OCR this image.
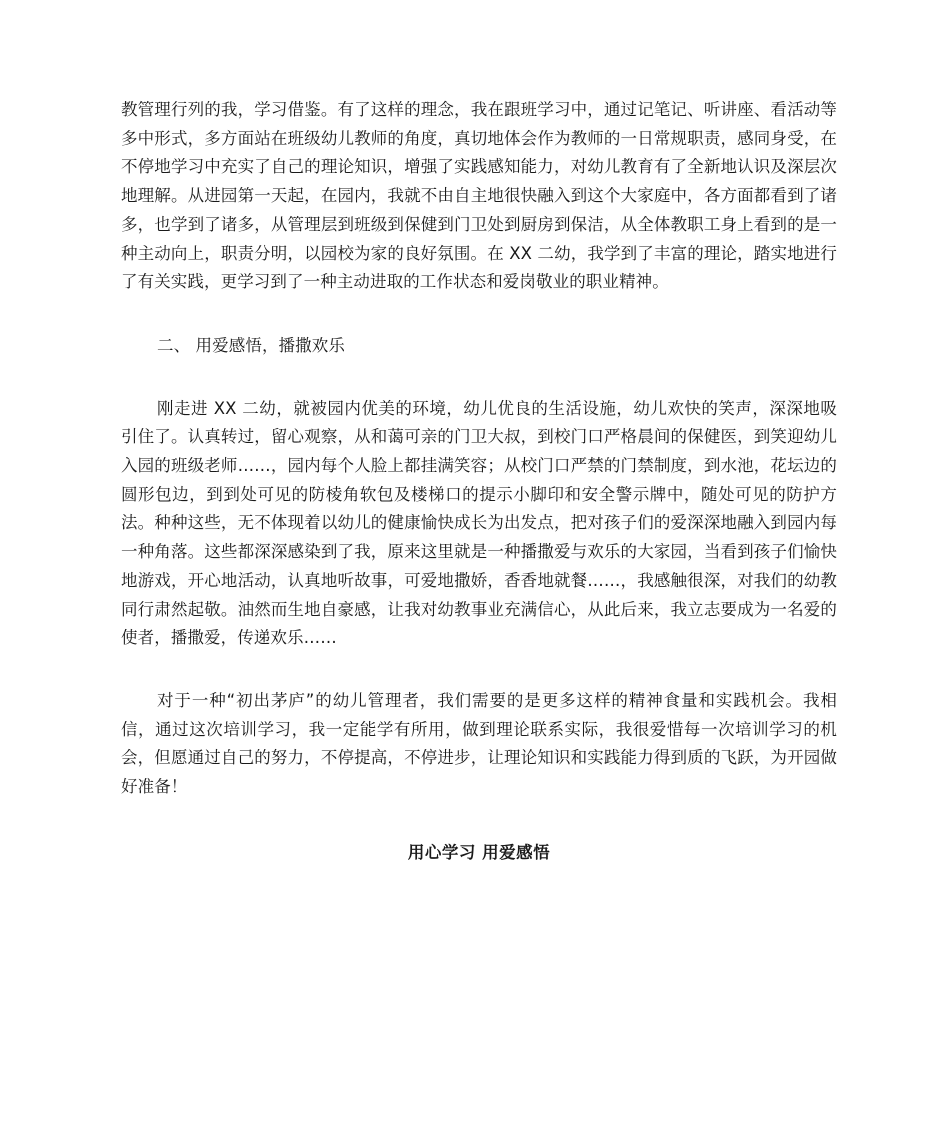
教管理行列的我，学习借鉴。有了这样的理念，我在跟班学习中，通过记笔记、听讲座、看活动等多中形式，多方面站在班级幼儿教师的角度，真切地体会作为教师的一日常规职责，感同身受，在不停地学习中充实了自己的理论知识，增强了实践感知能力，对幼儿教育有了全新地认识及深层次地理解。从进园第一天起，在园内，我就不由自主地很快融入到这个大家庭中，各方面都看到了诸多，也学到了诸多，从管理层到班级到保健到门卫处到厨房到保洁，从全体教职工身上看到的是一种主动向上，职责分明，以园校为家的良好氛围。在 XX 二幼，我学到了丰富的理论，踏实地进行了有关实践，更学习到了一种主动进取的工作状态和爱岗敬业的职业精神。

二、 用爱感悟，播撒欢乐

刚走进 XX 二幼，就被园内优美的环境，幼儿优良的生活设施，幼儿欢快的笑声，深深地吸引住了。认真转过，留心观察，从和蔼可亲的门卫大叔，到校门口严格晨间的保健医，到笑迎幼儿入园的班级老师……，园内每个人脸上都挂满笑容；从校门口严禁的门禁制度，到水池，花坛边的圆形包边，到到处可见的防棱角软包及楼梯口的提示小脚印和安全警示牌中，随处可见的防护方法。种种这些，无不体现着以幼儿的健康愉快成长为出发点，把对孩子们的爱深深地融入到园内每一种角落。这些都深深感染到了我，原来这里就是一种播撒爱与欢乐的大家园，当看到孩子们愉快地游戏，开心地活动，认真地听故事，可爱地撒娇，香香地就餐……，我感触很深，对我们的幼教同行肃然起敬。油然而生地自豪感，让我对幼教事业充满信心，从此后来，我立志要成为一名爱的使者，播撒爱，传递欢乐……

对于一种“初出茅庐”的幼儿管理者，我们需要的是更多这样的精神食量和实践机会。我相信，通过这次培训学习，我一定能学有所用，做到理论联系实际，我很爱惜每一次培训学习的机会，但愿通过自己的努力，不停提高，不停进步，让理论知识和实践能力得到质的飞跃，为开园做好准备！

用心学习 用爱感悟
